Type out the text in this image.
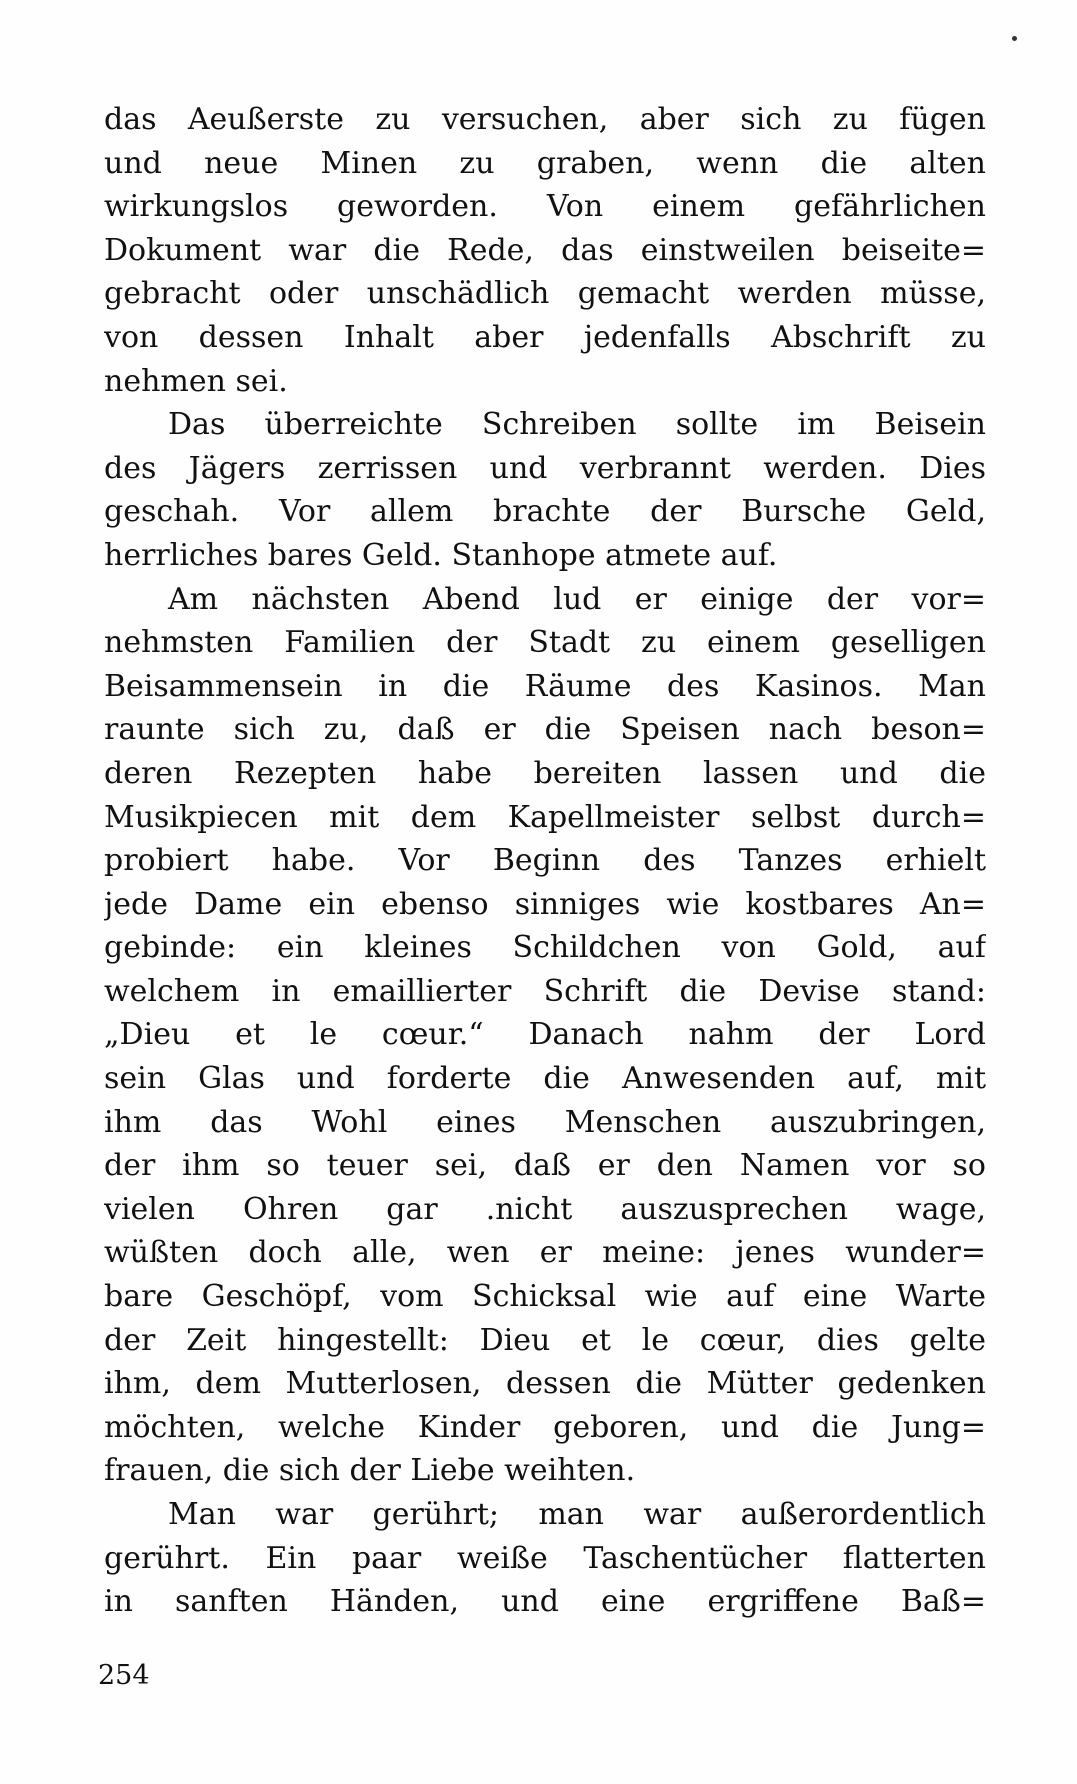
das Aeußerste zu versuchen, aber sich zu fügen
und neue Minen zu graben, wenn die alten
wirkungslos geworden. Von einem gefährlichen
Dokument war die Rede, das einstweilen beiseite=
gebracht oder unschädlich gemacht werden müsse,
von dessen Inhalt aber jedenfalls Abschrift zu
nehmen sei.
Das überreichte Schreiben sollte im Beisein
des Jägers zerrissen und verbrannt werden. Dies
geschah. Vor allem brachte der Bursche Geld,
herrliches bares Geld. Stanhope atmete auf.
Am nächsten Abend lud er einige der vor=
nehmsten Familien der Stadt zu einem geselligen
Beisammensein in die Räume des Kasinos. Man
raunte sich zu, daß er die Speisen nach beson=
deren Rezepten habe bereiten lassen und die
Musikpiecen mit dem Kapellmeister selbst durch=
probiert habe. Vor Beginn des Tanzes erhielt
jede Dame ein ebenso sinniges wie kostbares An=
gebinde: ein kleines Schildchen von Gold, auf
welchem in emaillierter Schrift die Devise stand:
„Dieu et le cœur.“ Danach nahm der Lord
sein Glas und forderte die Anwesenden auf, mit
ihm das Wohl eines Menschen auszubringen,
der ihm so teuer sei, daß er den Namen vor so
vielen Ohren gar .nicht auszusprechen wage,
wüßten doch alle, wen er meine: jenes wunder=
bare Geschöpf, vom Schicksal wie auf eine Warte
der Zeit hingestellt: Dieu et le cœur, dies gelte
ihm, dem Mutterlosen, dessen die Mütter gedenken
möchten, welche Kinder geboren, und die Jung=
frauen, die sich der Liebe weihten.
Man war gerührt; man war außerordentlich
gerührt. Ein paar weiße Taschentücher flatterten
in sanften Händen, und eine ergriffene Baß=
254
